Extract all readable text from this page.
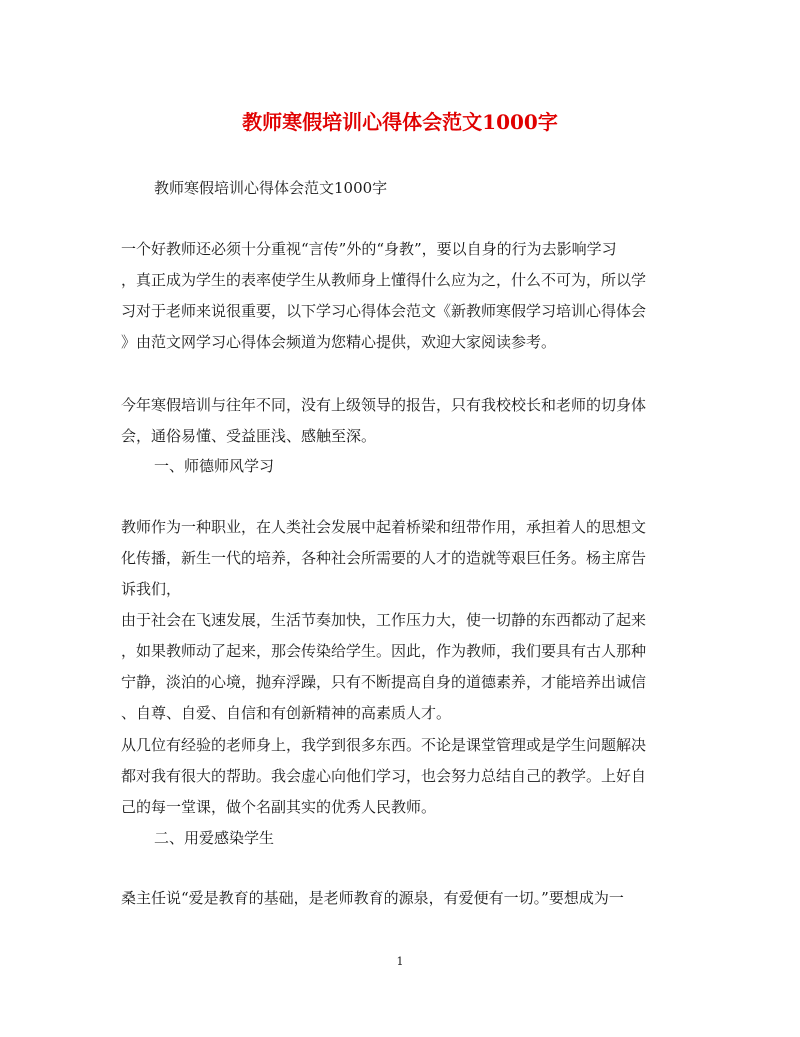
教师寒假培训心得体会范文1000字

教师寒假培训心得体会范文1000字

一个好教师还必须十分重视“言传”外的“身教”，要以自身的行为去影响学习
，真正成为学生的表率使学生从教师身上懂得什么应为之，什么不可为，所以学
习对于老师来说很重要，以下学习心得体会范文《新教师寒假学习培训心得体会
》由范文网学习心得体会频道为您精心提供，欢迎大家阅读参考。

今年寒假培训与往年不同，没有上级领导的报告，只有我校校长和老师的切身体
会，通俗易懂、受益匪浅、感触至深。

一、师德师风学习

教师作为一种职业，在人类社会发展中起着桥梁和纽带作用，承担着人的思想文
化传播，新生一代的培养，各种社会所需要的人才的造就等艰巨任务。杨主席告
诉我们，
由于社会在飞速发展，生活节奏加快，工作压力大，使一切静的东西都动了起来
，如果教师动了起来，那会传染给学生。因此，作为教师，我们要具有古人那种
宁静，淡泊的心境，抛弃浮躁，只有不断提高自身的道德素养，才能培养出诚信
、自尊、自爱、自信和有创新精神的高素质人才。

从几位有经验的老师身上，我学到很多东西。不论是课堂管理或是学生问题解决
都对我有很大的帮助。我会虚心向他们学习，也会努力总结自己的教学。上好自
己的每一堂课，做个名副其实的优秀人民教师。

二、用爱感染学生

桑主任说“爱是教育的基础，是老师教育的源泉，有爱便有一切。”要想成为一

1
